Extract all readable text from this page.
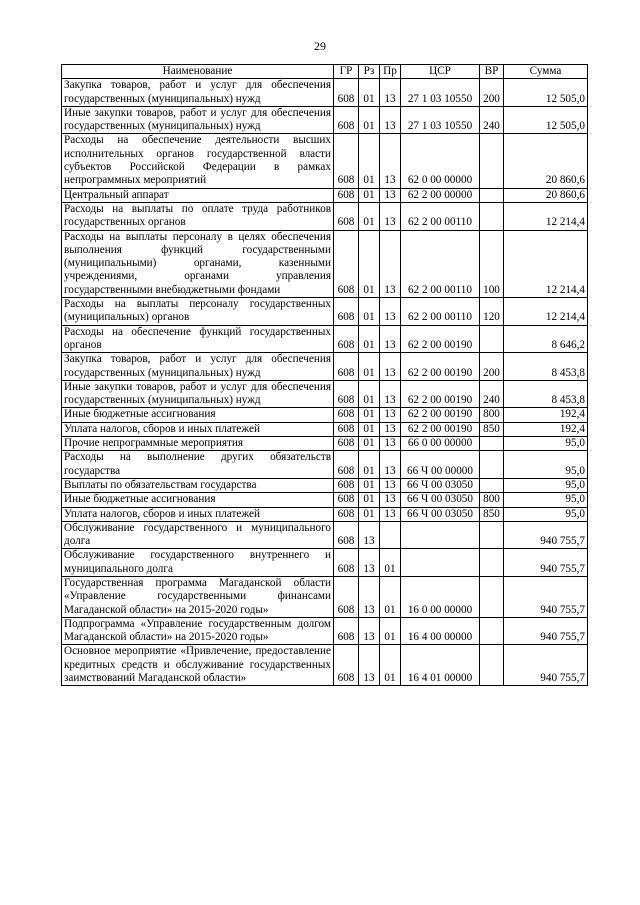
29
Наименование	ГР	Рз	Пр	ЦСР	ВР	Сумма
Закупка товаров, работ и услуг для обеспечения государственных (муниципальных) нужд	608	01	13	27 1 03 10550	200	12 505,0
Иные закупки товаров, работ и услуг для обеспечения государственных (муниципальных) нужд	608	01	13	27 1 03 10550	240	12 505,0
Расходы на обеспечение деятельности высших исполнительных органов государственной власти субъектов Российской Федерации в рамках непрограммных мероприятий	608	01	13	62 0 00 00000		20 860,6
Центральный аппарат	608	01	13	62 2 00 00000		20 860,6
Расходы на выплаты по оплате труда работников государственных органов	608	01	13	62 2 00 00110		12 214,4
Расходы на выплаты персоналу в целях обеспечения выполнения функций государственными (муниципальными) органами, казенными учреждениями, органами управления государственными внебюджетными фондами	608	01	13	62 2 00 00110	100	12 214,4
Расходы на выплаты персоналу государственных (муниципальных) органов	608	01	13	62 2 00 00110	120	12 214,4
Расходы на обеспечение функций государственных органов	608	01	13	62 2 00 00190		8 646,2
Закупка товаров, работ и услуг для обеспечения государственных (муниципальных) нужд	608	01	13	62 2 00 00190	200	8 453,8
Иные закупки товаров, работ и услуг для обеспечения государственных (муниципальных) нужд	608	01	13	62 2 00 00190	240	8 453,8
Иные бюджетные ассигнования	608	01	13	62 2 00 00190	800	192,4
Уплата налогов, сборов и иных платежей	608	01	13	62 2 00 00190	850	192,4
Прочие непрограммные мероприятия	608	01	13	66 0 00 00000		95,0
Расходы на выполнение других обязательств государства	608	01	13	66 Ч 00 00000		95,0
Выплаты по обязательствам государства	608	01	13	66 Ч 00 03050		95,0
Иные бюджетные ассигнования	608	01	13	66 Ч 00 03050	800	95,0
Уплата налогов, сборов и иных платежей	608	01	13	66 Ч 00 03050	850	95,0
Обслуживание государственного и муниципального долга	608	13				940 755,7
Обслуживание государственного внутреннего и муниципального долга	608	13	01			940 755,7
Государственная программа Магаданской области «Управление государственными финансами Магаданской области» на 2015-2020 годы»	608	13	01	16 0 00 00000		940 755,7
Подпрограмма «Управление государственным долгом Магаданской области» на 2015-2020 годы»	608	13	01	16 4 00 00000		940 755,7
Основное мероприятие «Привлечение, предоставление кредитных средств и обслуживание государственных заимствований Магаданской области»	608	13	01	16 4 01 00000		940 755,7
